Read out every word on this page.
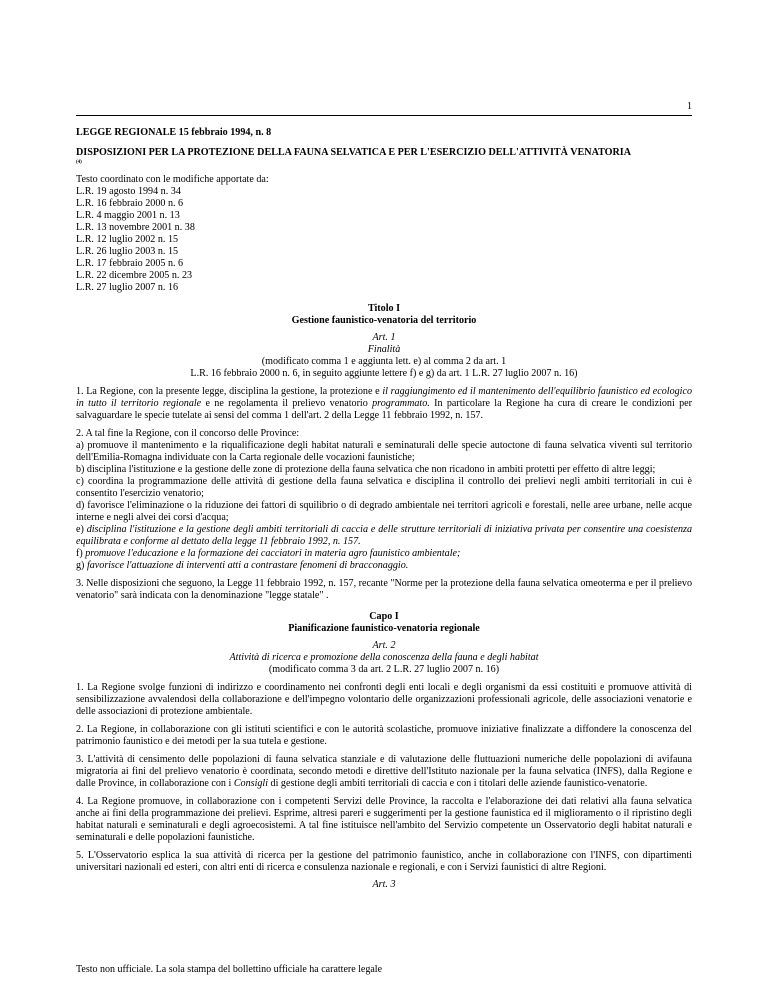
1
LEGGE REGIONALE 15 febbraio 1994, n. 8
DISPOSIZIONI PER LA PROTEZIONE DELLA FAUNA SELVATICA E PER L'ESERCIZIO DELL'ATTIVITÀ VENATORIA
(4)
Testo coordinato con le modifiche apportate da:
L.R. 19 agosto 1994 n. 34
L.R. 16 febbraio 2000 n. 6
L.R. 4 maggio 2001 n. 13
L.R. 13 novembre 2001 n. 38
L.R. 12 luglio 2002 n. 15
L.R. 26 luglio 2003 n. 15
L.R. 17 febbraio 2005 n. 6
L.R. 22 dicembre 2005 n. 23
L.R. 27 luglio 2007 n. 16
Titolo I
Gestione faunistico-venatoria del territorio
Art. 1
Finalità
(modificato comma 1 e aggiunta lett. e) al comma 2 da art. 1
L.R. 16 febbraio 2000 n. 6, in seguito aggiunte lettere f) e g) da art. 1 L.R. 27 luglio 2007 n. 16)

1. La Regione, con la presente legge, disciplina la gestione, la protezione e il raggiungimento ed il mantenimento dell'equilibrio faunistico ed ecologico in tutto il territorio regionale e ne regolamenta il prelievo venatorio programmato. In particolare la Regione ha cura di creare le condizioni per salvaguardare le specie tutelate ai sensi del comma 1 dell'art. 2 della Legge 11 febbraio 1992, n. 157.

2. A tal fine la Regione, con il concorso delle Province:
a) promuove il mantenimento e la riqualificazione degli habitat naturali e seminaturali delle specie autoctone di fauna selvatica viventi sul territorio dell'Emilia-Romagna individuate con la Carta regionale delle vocazioni faunistiche;
b) disciplina l'istituzione e la gestione delle zone di protezione della fauna selvatica che non ricadono in ambiti protetti per effetto di altre leggi;
c) coordina la programmazione delle attività di gestione della fauna selvatica e disciplina il controllo dei prelievi negli ambiti territoriali in cui è consentito l'esercizio venatorio;
d) favorisce l'eliminazione o la riduzione dei fattori di squilibrio o di degrado ambientale nei territori agricoli e forestali, nelle aree urbane, nelle acque interne e negli alvei dei corsi d'acqua;
e) disciplina l'istituzione e la gestione degli ambiti territoriali di caccia e delle strutture territoriali di iniziativa privata per consentire una coesistenza equilibrata e conforme al dettato della legge 11 febbraio 1992, n. 157.
f) promuove l'educazione e la formazione dei cacciatori in materia agro faunistico ambientale;
g) favorisce l'attuazione di interventi atti a contrastare fenomeni di bracconaggio.

3. Nelle disposizioni che seguono, la Legge 11 febbraio 1992, n. 157, recante "Norme per la protezione della fauna selvatica omeoterma e per il prelievo venatorio" sarà indicata con la denominazione "legge statale" .

Capo I
Pianificazione faunistico-venatoria regionale
Art. 2
Attività di ricerca e promozione della conoscenza della fauna e degli habitat
(modificato comma 3 da art. 2 L.R. 27 luglio 2007 n. 16)

1. La Regione svolge funzioni di indirizzo e coordinamento nei confronti degli enti locali e degli organismi da essi costituiti e promuove attività di sensibilizzazione avvalendosi della collaborazione e dell'impegno volontario delle organizzazioni professionali agricole, delle associazioni venatorie e delle associazioni di protezione ambientale.

2. La Regione, in collaborazione con gli istituti scientifici e con le autorità scolastiche, promuove iniziative finalizzate a diffondere la conoscenza del patrimonio faunistico e dei metodi per la sua tutela e gestione.

3. L'attività di censimento delle popolazioni di fauna selvatica stanziale e di valutazione delle fluttuazioni numeriche delle popolazioni di avifauna migratoria ai fini del prelievo venatorio è coordinata, secondo metodi e direttive dell'Istituto nazionale per la fauna selvatica (INFS), dalla Regione e dalle Province, in collaborazione con i Consigli di gestione degli ambiti territoriali di caccia e con i titolari delle aziende faunistico-venatorie.

4. La Regione promuove, in collaborazione con i competenti Servizi delle Province, la raccolta e l'elaborazione dei dati relativi alla fauna selvatica anche ai fini della programmazione dei prelievi. Esprime, altresì pareri e suggerimenti per la gestione faunistica ed il miglioramento o il ripristino degli habitat naturali e seminaturali e degli agroecosistemi. A tal fine istituisce nell'ambito del Servizio competente un Osservatorio degli habitat naturali e seminaturali e delle popolazioni faunistiche.

5. L'Osservatorio esplica la sua attività di ricerca per la gestione del patrimonio faunistico, anche in collaborazione con l'INFS, con dipartimenti universitari nazionali ed esteri, con altri enti di ricerca e consulenza nazionale e regionali, e con i Servizi faunistici di altre Regioni.

Art. 3
Testo non ufficiale. La sola stampa del bollettino ufficiale ha carattere legale
